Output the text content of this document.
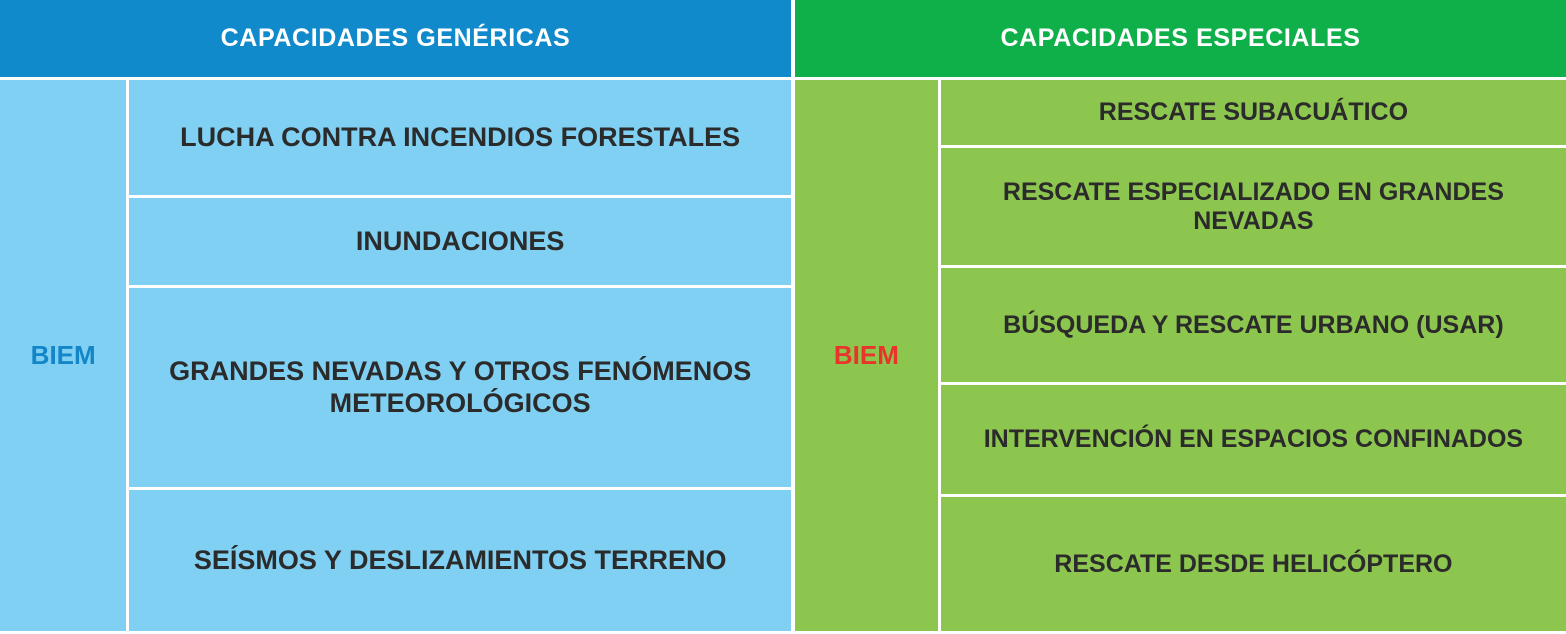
CAPACIDADES GENÉRICAS
BIEM
LUCHA CONTRA INCENDIOS FORESTALES
INUNDACIONES
GRANDES NEVADAS Y OTROS FENÓMENOS METEOROLÓGICOS
SEÍSMOS Y DESLIZAMIENTOS TERRENO
CAPACIDADES ESPECIALES
BIEM
RESCATE SUBACUÁTICO
RESCATE ESPECIALIZADO EN GRANDES NEVADAS
BÚSQUEDA Y RESCATE URBANO (USAR)
INTERVENCIÓN EN ESPACIOS CONFINADOS
RESCATE DESDE HELICÓPTERO
